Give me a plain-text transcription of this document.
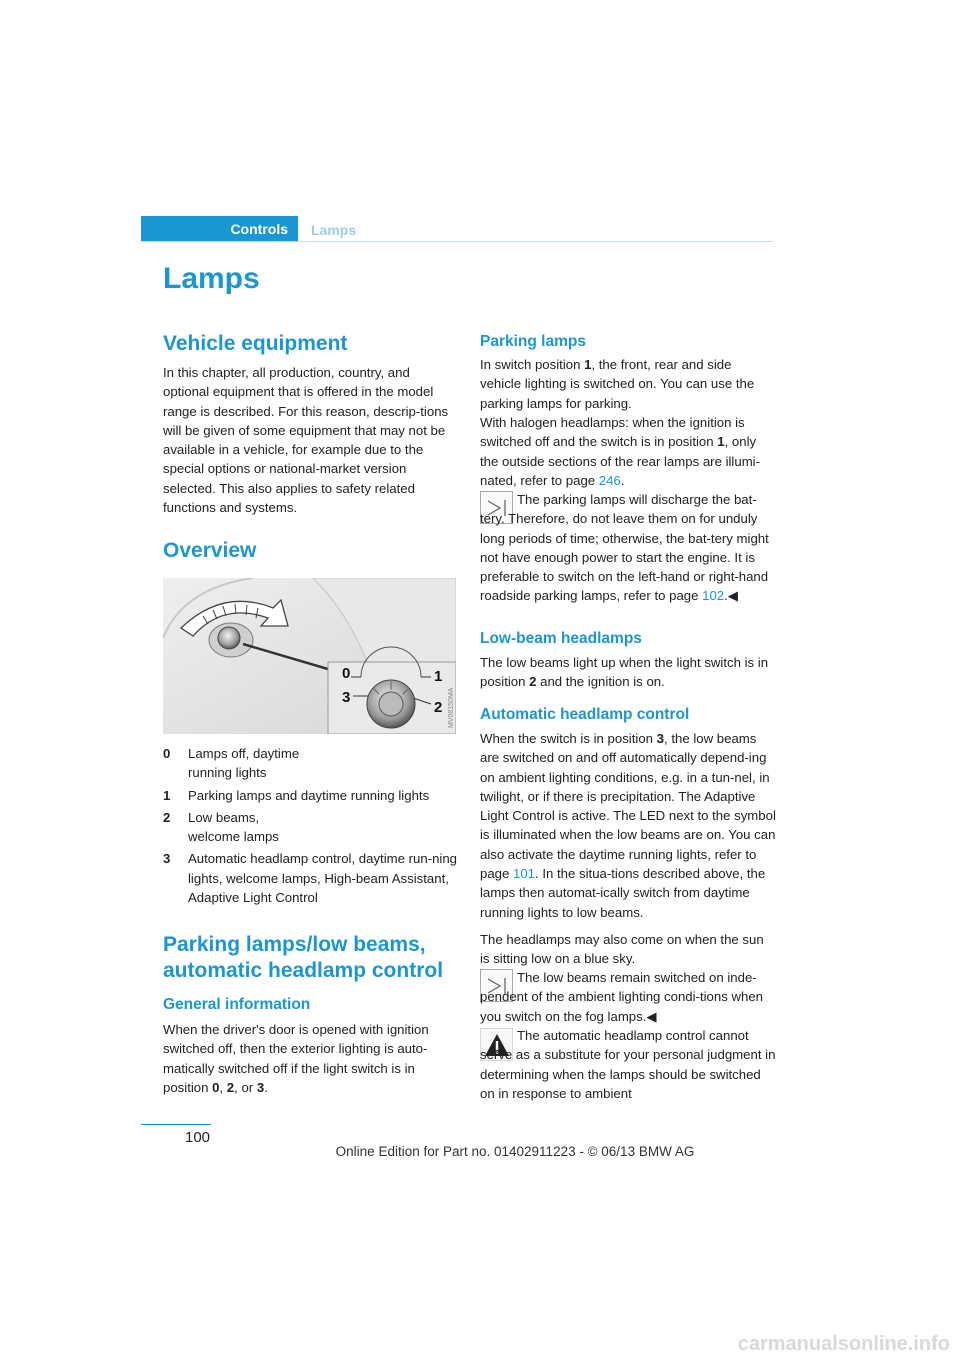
Controls Lamps
Lamps
Vehicle equipment

In this chapter, all production, country, and optional equipment that is offered in the model range is described. For this reason, descrip-tions will be given of some equipment that may not be available in a vehicle, for example due to the special options or national-market version selected. This also applies to safety related functions and systems.

Overview
0	1
2
3	MV08150MA
0	Lamps off, daytime running lights
1	Parking lamps and daytime running lights
2	Low beams, welcome lamps
3	Automatic headlamp control, daytime run-ning lights, welcome lamps, High-beam Assistant, Adaptive Light Control
Parking lamps/low beams,
automatic headlamp control
General information

When the driver's door is opened with ignition switched off, then the exterior lighting is auto-matically switched off if the light switch is in position 0, 2, or 3.

Parking lamps

In switch position 1, the front, rear and side vehicle lighting is switched on. You can use the parking lamps for parking.

With halogen headlamps: when the ignition is switched off and the switch is in position 1, only the outside sections of the rear lamps are illumi-nated, refer to page 246.

The parking lamps will discharge the bat-tery. Therefore, do not leave them on for unduly long periods of time; otherwise, the bat-tery might not have enough power to start the engine. It is preferable to switch on the left-hand or right-hand roadside parking lamps, refer to page 102.◀

Low-beam headlamps

The low beams light up when the light switch is in position 2 and the ignition is on.

Automatic headlamp control

When the switch is in position 3, the low beams are switched on and off automatically depend-ing on ambient lighting conditions, e.g. in a tun-nel, in twilight, or if there is precipitation. The Adaptive Light Control is active. The LED next to the symbol is illuminated when the low beams are on. You can also activate the daytime running lights, refer to page 101. In the situa-tions described above, the lamps then automat-ically switch from daytime running lights to low beams.

The headlamps may also come on when the sun is sitting low on a blue sky.

The low beams remain switched on inde-pendent of the ambient lighting condi-tions when you switch on the fog lamps.◀

The automatic headlamp control cannot serve as a substitute for your personal judgment in determining when the lamps should be switched on in response to ambient

100
Online Edition for Part no. 01402911223 - © 06/13 BMW AG
carmanualsonline.info
